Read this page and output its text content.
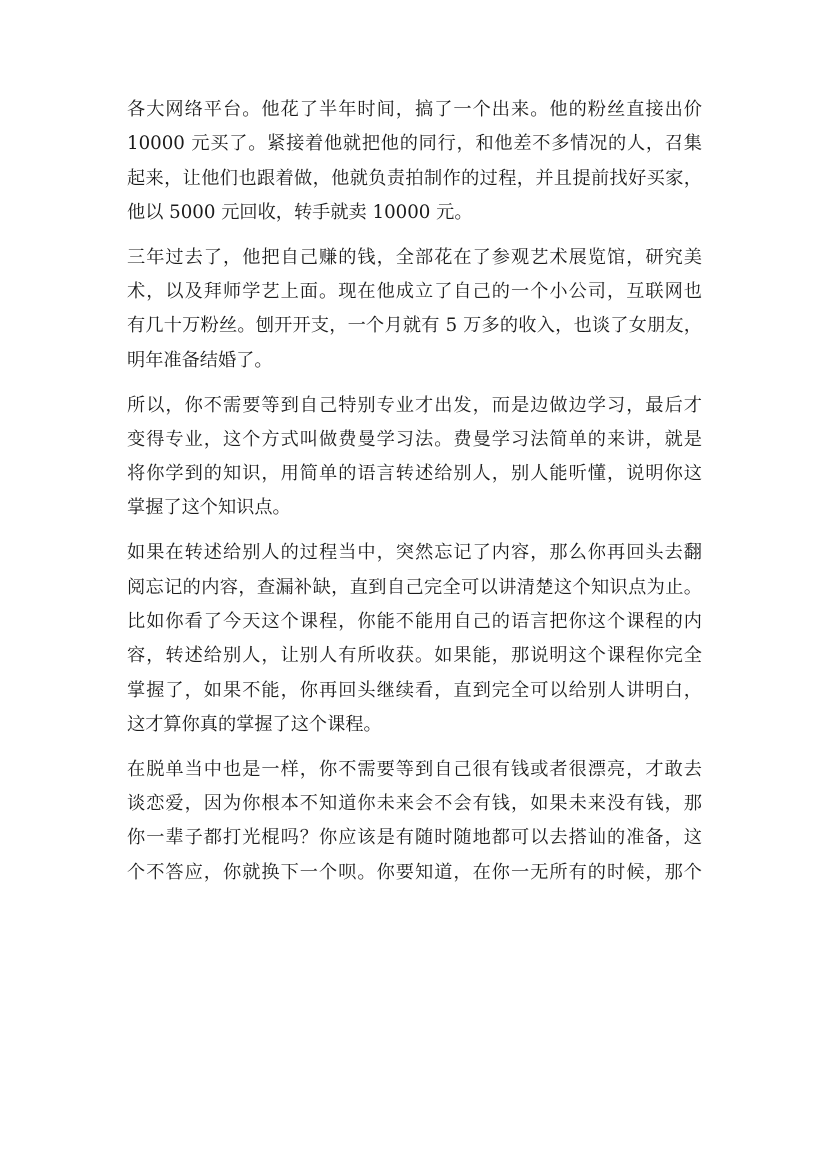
各大网络平台。他花了半年时间，搞了一个出来。他的粉丝直接出价
10000 元买了。紧接着他就把他的同行，和他差不多情况的人，召集
起来，让他们也跟着做，他就负责拍制作的过程，并且提前找好买家，
他以 5000 元回收，转手就卖 10000 元。

三年过去了，他把自己赚的钱，全部花在了参观艺术展览馆，研究美
术，以及拜师学艺上面。现在他成立了自己的一个小公司，互联网也
有几十万粉丝。刨开开支，一个月就有 5 万多的收入，也谈了女朋友，
明年准备结婚了。

所以，你不需要等到自己特别专业才出发，而是边做边学习，最后才
变得专业，这个方式叫做费曼学习法。费曼学习法简单的来讲，就是
将你学到的知识，用简单的语言转述给别人，别人能听懂，说明你这
掌握了这个知识点。

如果在转述给别人的过程当中，突然忘记了内容，那么你再回头去翻
阅忘记的内容，查漏补缺，直到自己完全可以讲清楚这个知识点为止。
比如你看了今天这个课程，你能不能用自己的语言把你这个课程的内
容，转述给别人，让别人有所收获。如果能，那说明这个课程你完全
掌握了，如果不能，你再回头继续看，直到完全可以给别人讲明白，
这才算你真的掌握了这个课程。

在脱单当中也是一样，你不需要等到自己很有钱或者很漂亮，才敢去
谈恋爱，因为你根本不知道你未来会不会有钱，如果未来没有钱，那
你一辈子都打光棍吗？你应该是有随时随地都可以去搭讪的准备，这
个不答应，你就换下一个呗。你要知道，在你一无所有的时候，那个
